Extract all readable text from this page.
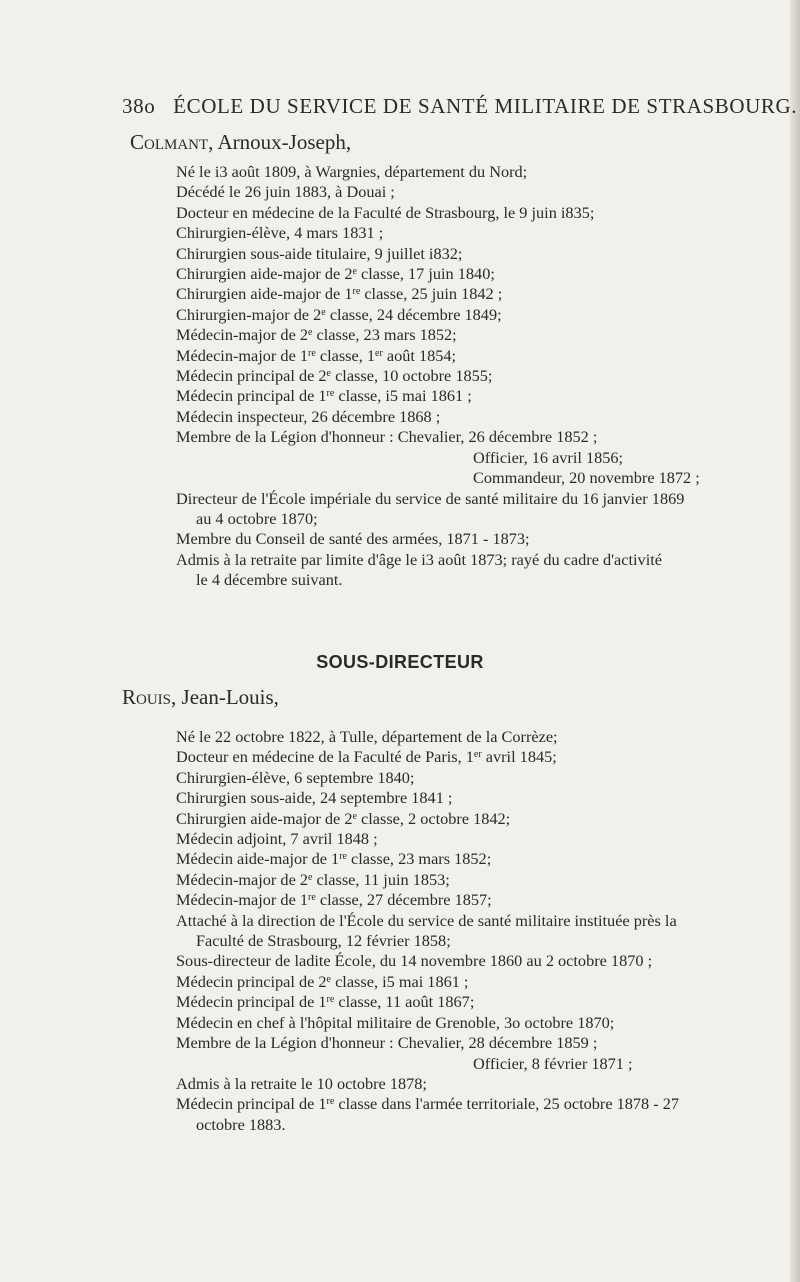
38o ÉCOLE DU SERVICE DE SANTÉ MILITAIRE DE STRASBOURG.
Colmant, Arnoux-Joseph,
Né le i3 août 1809, à Wargnies, département du Nord;
Décédé le 26 juin 1883, à Douai ;
Docteur en médecine de la Faculté de Strasbourg, le 9 juin i835;
Chirurgien-élève, 4 mars 1831 ;
Chirurgien sous-aide titulaire, 9 juillet i832;
Chirurgien aide-major de 2e classe, 17 juin 1840;
Chirurgien aide-major de 1re classe, 25 juin 1842 ;
Chirurgien-major de 2e classe, 24 décembre 1849;
Médecin-major de 2e classe, 23 mars 1852;
Médecin-major de 1re classe, 1er août 1854;
Médecin principal de 2e classe, 10 octobre 1855;
Médecin principal de 1re classe, i5 mai 1861 ;
Médecin inspecteur, 26 décembre 1868 ;
Membre de la Légion d'honneur : Chevalier, 26 décembre 1852 ;
Officier, 16 avril 1856;
Commandeur, 20 novembre 1872 ;
Directeur de l'École impériale du service de santé militaire du 16 janvier 1869
au 4 octobre 1870;
Membre du Conseil de santé des armées, 1871 - 1873;
Admis à la retraite par limite d'âge le i3 août 1873; rayé du cadre d'activité
le 4 décembre suivant.
SOUS-DIRECTEUR
Rouis, Jean-Louis,
Né le 22 octobre 1822, à Tulle, département de la Corrèze;
Docteur en médecine de la Faculté de Paris, 1er avril 1845;
Chirurgien-élève, 6 septembre 1840;
Chirurgien sous-aide, 24 septembre 1841 ;
Chirurgien aide-major de 2e classe, 2 octobre 1842;
Médecin adjoint, 7 avril 1848 ;
Médecin aide-major de 1re classe, 23 mars 1852;
Médecin-major de 2e classe, 11 juin 1853;
Médecin-major de 1re classe, 27 décembre 1857;
Attaché à la direction de l'École du service de santé militaire instituée près la
Faculté de Strasbourg, 12 février 1858;
Sous-directeur de ladite École, du 14 novembre 1860 au 2 octobre 1870 ;
Médecin principal de 2e classe, i5 mai 1861 ;
Médecin principal de 1re classe, 11 août 1867;
Médecin en chef à l'hôpital militaire de Grenoble, 3o octobre 1870;
Membre de la Légion d'honneur : Chevalier, 28 décembre 1859 ;
Officier, 8 février 1871 ;
Admis à la retraite le 10 octobre 1878;
Médecin principal de 1re classe dans l'armée territoriale, 25 octobre 1878 - 27
octobre 1883.
